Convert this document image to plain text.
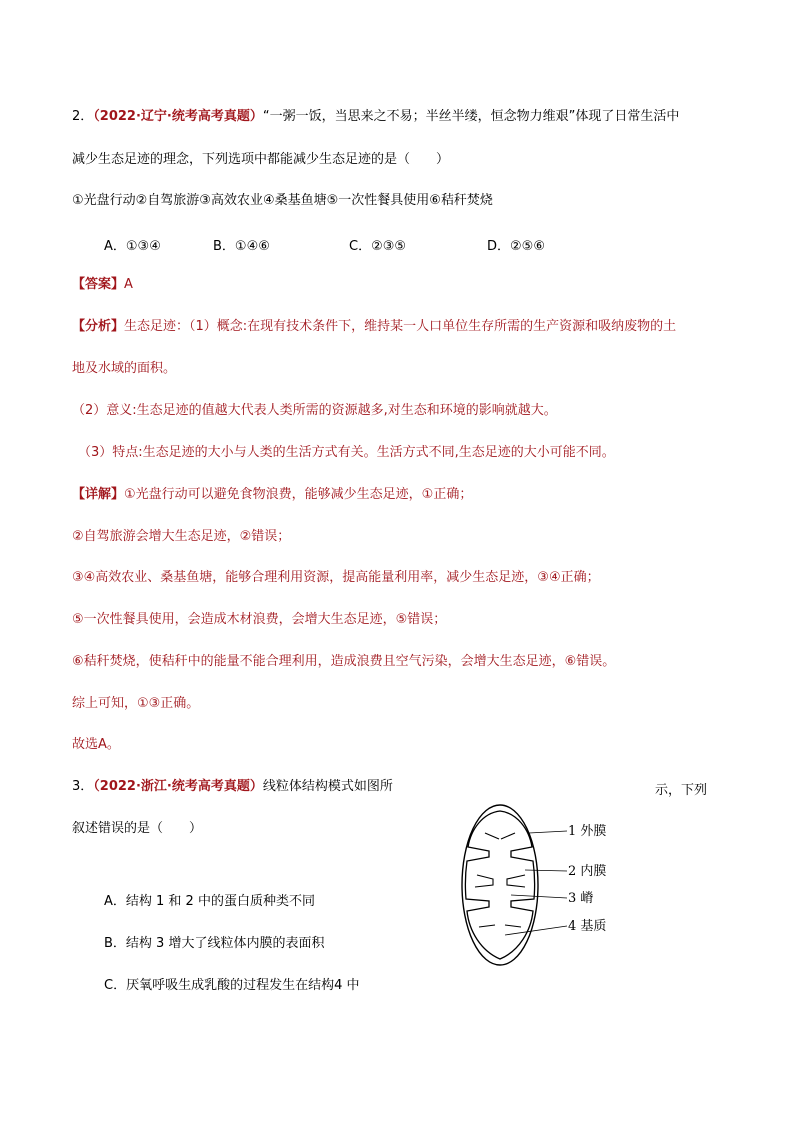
2．（2022·辽宁·统考高考真题）“一粥一饭，当思来之不易；半丝半缕，恒念物力维艰”体现了日常生活中
减少生态足迹的理念，下列选项中都能减少生态足迹的是（　　）
①光盘行动②自驾旅游③高效农业④桑基鱼塘⑤一次性餐具使用⑥秸秆焚烧
A．①③④	B．①④⑥	C．②③⑤	D．②⑤⑥
【答案】A
【分析】生态足迹：（1）概念:在现有技术条件下，维持某一人口单位生存所需的生产资源和吸纳废物的土
地及水域的面积。
（2）意义:生态足迹的值越大代表人类所需的资源越多,对生态和环境的影响就越大。
（3）特点:生态足迹的大小与人类的生活方式有关。生活方式不同,生态足迹的大小可能不同。
【详解】①光盘行动可以避免食物浪费，能够减少生态足迹，①正确；
②自驾旅游会增大生态足迹，②错误；
③④高效农业、桑基鱼塘，能够合理利用资源，提高能量利用率，减少生态足迹，③④正确；
⑤一次性餐具使用，会造成木材浪费，会增大生态足迹，⑤错误；
⑥秸秆焚烧，使秸秆中的能量不能合理利用，造成浪费且空气污染，会增大生态足迹，⑥错误。
综上可知，①③正确。
故选A。
3．（2022·浙江·统考高考真题）线粒体结构模式如图所	示，下列
叙述错误的是（　　）
A．结构 1 和 2 中的蛋白质种类不同
B．结构 3 增大了线粒体内膜的表面积
C．厌氧呼吸生成乳酸的过程发生在结构4 中
1 外膜
2 内膜
3 嵴
4 基质
